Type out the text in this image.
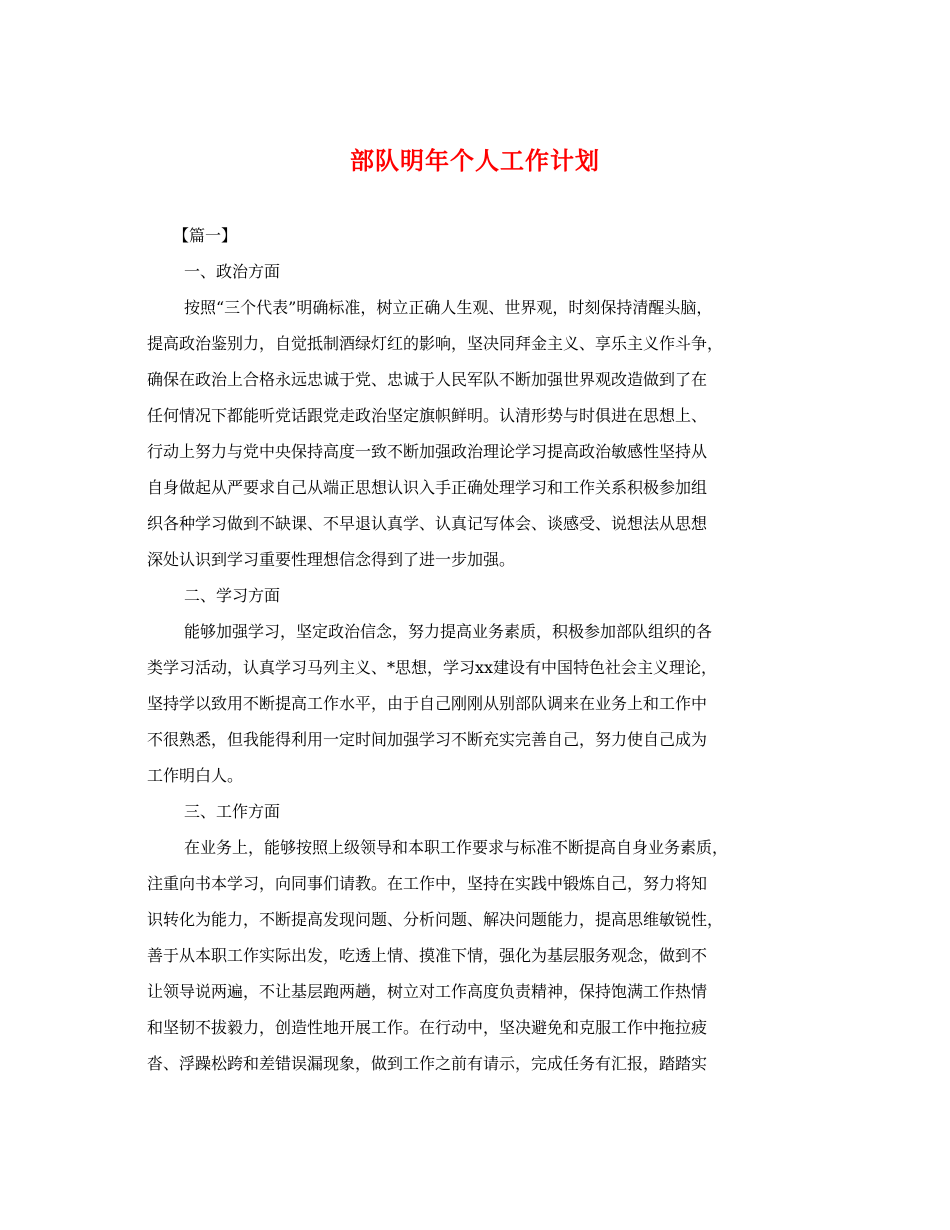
部队明年个人工作计划
【篇一】
一、政治方面
按照“三个代表”明确标准，树立正确人生观、世界观，时刻保持清醒头脑，
提高政治鉴别力，自觉抵制酒绿灯红的影响，坚决同拜金主义、享乐主义作斗争，
确保在政治上合格永远忠诚于党、忠诚于人民军队不断加强世界观改造做到了在
任何情况下都能听党话跟党走政治坚定旗帜鲜明。认清形势与时俱进在思想上、
行动上努力与党中央保持高度一致不断加强政治理论学习提高政治敏感性坚持从
自身做起从严要求自己从端正思想认识入手正确处理学习和工作关系积极参加组
织各种学习做到不缺课、不早退认真学、认真记写体会、谈感受、说想法从思想
深处认识到学习重要性理想信念得到了进一步加强。
二、学习方面
能够加强学习，坚定政治信念，努力提高业务素质，积极参加部队组织的各
类学习活动，认真学习马列主义、*思想，学习xx建设有中国特色社会主义理论，
坚持学以致用不断提高工作水平，由于自己刚刚从别部队调来在业务上和工作中
不很熟悉，但我能得利用一定时间加强学习不断充实完善自己，努力使自己成为
工作明白人。
三、工作方面
在业务上，能够按照上级领导和本职工作要求与标准不断提高自身业务素质，
注重向书本学习，向同事们请教。在工作中，坚持在实践中锻炼自己，努力将知
识转化为能力，不断提高发现问题、分析问题、解决问题能力，提高思维敏锐性，
善于从本职工作实际出发，吃透上情、摸准下情，强化为基层服务观念，做到不
让领导说两遍，不让基层跑两趟，树立对工作高度负责精神，保持饱满工作热情
和坚韧不拔毅力，创造性地开展工作。在行动中，坚决避免和克服工作中拖拉疲
沓、浮躁松跨和差错误漏现象，做到工作之前有请示，完成任务有汇报，踏踏实
